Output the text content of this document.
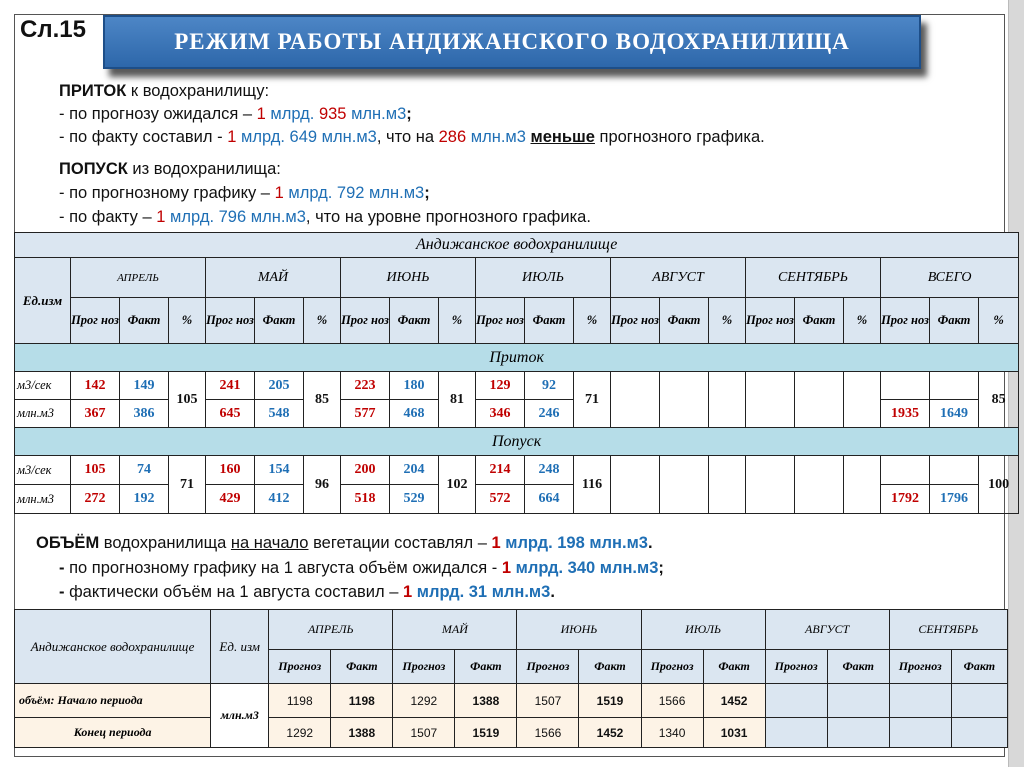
Сл.15	РЕЖИМ РАБОТЫ АНДИЖАНСКОГО ВОДОХРАНИЛИЩА
ПРИТОК к водохранилищу:
- по прогнозу ожидался – 1 млрд. 935 млн.м3;
- по факту составил - 1 млрд. 649 млн.м3, что на 286 млн.м3 меньше прогнозного графика.
ПОПУСК из водохранилища:
- по прогнозному графику – 1 млрд. 792 млн.м3;
- по факту – 1 млрд. 796 млн.м3, что на уровне прогнозного графика.
Андижанское водохранилище																					
Ед.изм	АПРЕЛЬ			МАЙ			ИЮНЬ			ИЮЛЬ			АВГУСТ			СЕНТЯБРЬ			ВСЕГО		
	Прог ноз	Факт	%	Прог ноз	Факт	%	Прог ноз	Факт	%	Прог ноз	Факт	%	Прог ноз	Факт	%	Прог ноз	Факт	%	Прог ноз	Факт	%
Приток																					
м3/сек	142	149	105	241	205	85	223	180	81	129	92	71									85
млн.м3	367	386		645	548		577	468		346	246								1935	1649	
Попуск																					
м3/сек	105	74	71	160	154	96	200	204	102	214	248	116									100
млн.м3	272	192		429	412		518	529		572	664								1792	1796	
ОБЪЁМ водохранилища на начало вегетации составлял – 1 млрд. 198 млн.м3.
- по прогнозному графику на 1 августа объём ожидался - 1 млрд. 340 млн.м3;
- фактически объём на 1 августа составил – 1 млрд. 31 млн.м3.
Андижанское водохранилище	Ед. изм	АПРЕЛЬ		МАЙ		ИЮНЬ		ИЮЛЬ		АВГУСТ		СЕНТЯБРЬ	
		Прогноз	Факт	Прогноз	Факт	Прогноз	Факт	Прогноз	Факт	Прогноз	Факт	Прогноз	Факт
объём: Начало периода	млн.м3	1198	1198	1292	1388	1507	1519	1566	1452				
Конец периода		1292	1388	1507	1519	1566	1452	1340	1031				
